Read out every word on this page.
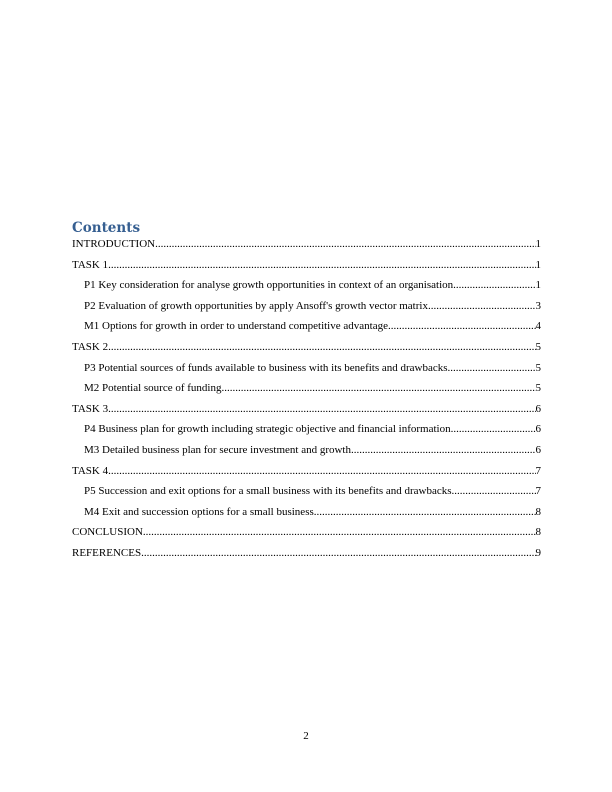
Contents
INTRODUCTION .....	1
TASK 1 .....	1
P1 Key consideration for analyse growth opportunities in context of an organisation .....	1
P2 Evaluation of growth opportunities by apply Ansoff's growth vector matrix .....	3
M1 Options for growth in order to understand competitive advantage .....	4
TASK 2 .....	5
P3 Potential sources of funds available to business with its benefits and drawbacks .....	5
M2 Potential source of funding .....	5
TASK 3 .....	6
P4 Business plan for growth including strategic objective and financial information .....	6
M3 Detailed business plan for secure investment and growth .....	6
TASK 4 .....	7
P5 Succession and exit options for a small business with its benefits and drawbacks .....	7
M4 Exit and succession options for a small business .....	8
CONCLUSION .....	8
REFERENCES .....	9
2
